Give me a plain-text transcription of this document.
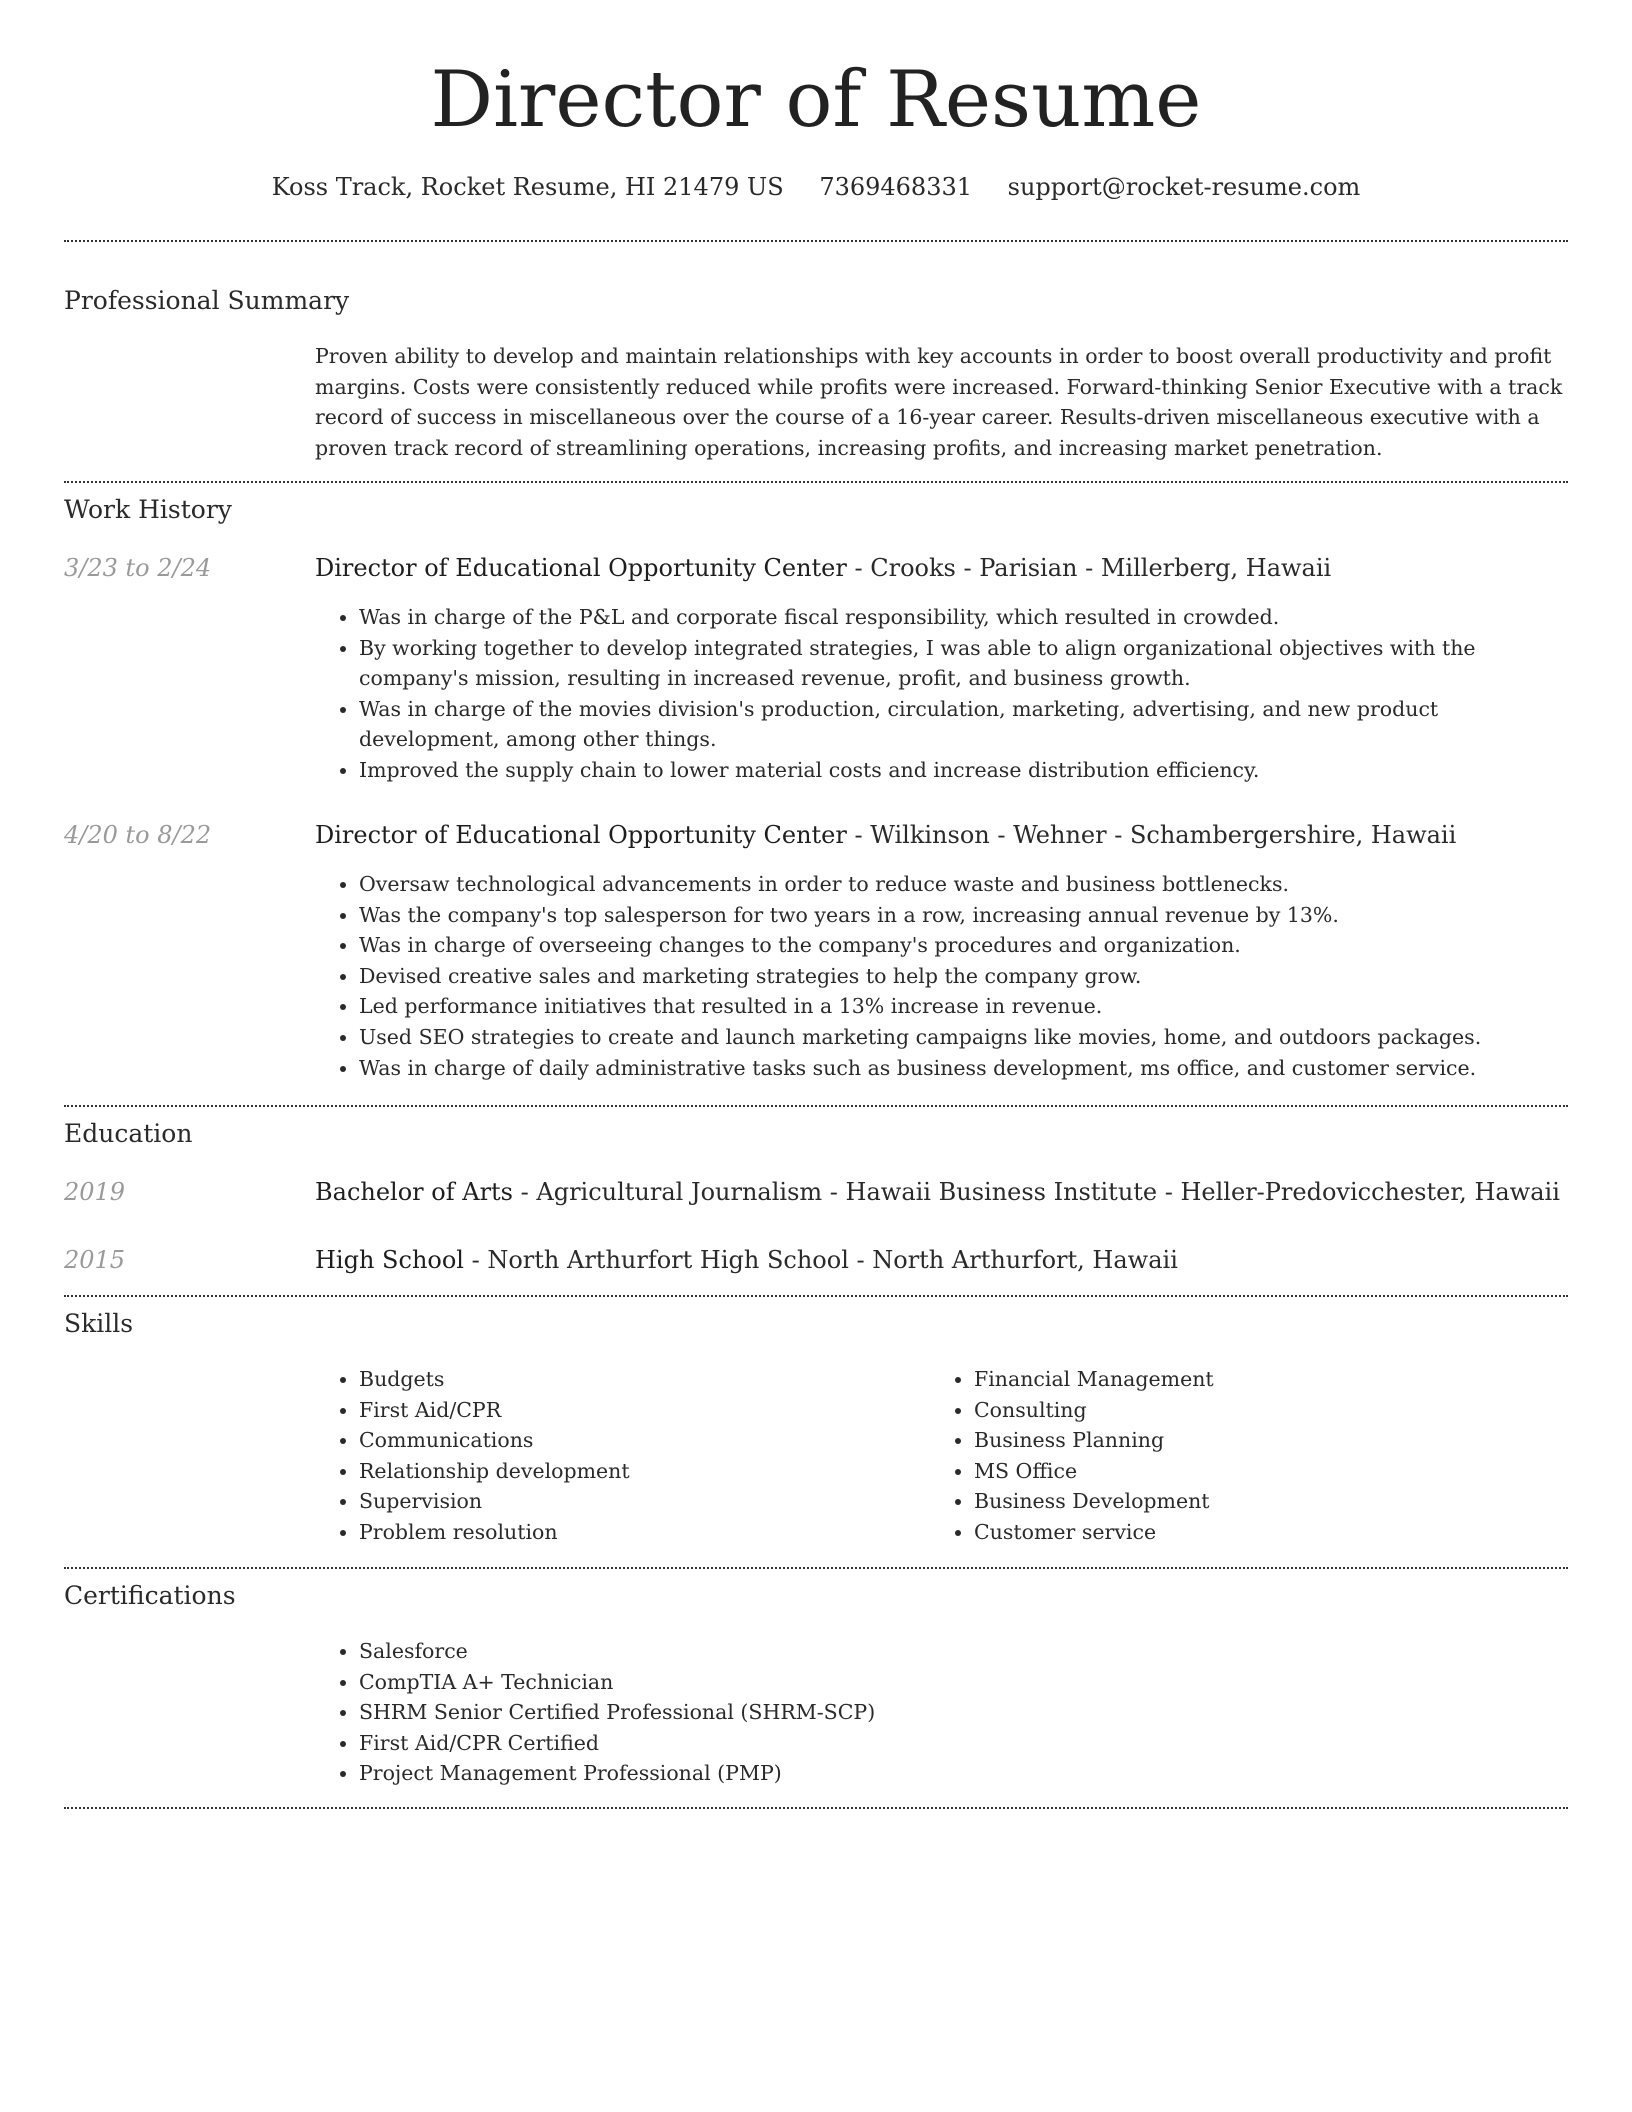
Director of Resume
Koss Track, Rocket Resume, HI 21479 US 7369468331 support@rocket-resume.com
Professional Summary
Proven ability to develop and maintain relationships with key accounts in order to boost overall productivity and profit margins. Costs were consistently reduced while profits were increased. Forward-thinking Senior Executive with a track record of success in miscellaneous over the course of a 16-year career. Results-driven miscellaneous executive with a proven track record of streamlining operations, increasing profits, and increasing market penetration.
Work History
3/23 to 2/24	Director of Educational Opportunity Center - Crooks - Parisian - Millerberg, Hawaii
• Was in charge of the P&L and corporate fiscal responsibility, which resulted in crowded.
• By working together to develop integrated strategies, I was able to align organizational objectives with the company's mission, resulting in increased revenue, profit, and business growth.
• Was in charge of the movies division's production, circulation, marketing, advertising, and new product development, among other things.
• Improved the supply chain to lower material costs and increase distribution efficiency.
4/20 to 8/22	Director of Educational Opportunity Center - Wilkinson - Wehner - Schambergershire, Hawaii
• Oversaw technological advancements in order to reduce waste and business bottlenecks.
• Was the company's top salesperson for two years in a row, increasing annual revenue by 13%.
• Was in charge of overseeing changes to the company's procedures and organization.
• Devised creative sales and marketing strategies to help the company grow.
• Led performance initiatives that resulted in a 13% increase in revenue.
• Used SEO strategies to create and launch marketing campaigns like movies, home, and outdoors packages.
• Was in charge of daily administrative tasks such as business development, ms office, and customer service.
Education
2019	Bachelor of Arts - Agricultural Journalism - Hawaii Business Institute - Heller-Predovicchester, Hawaii
2015	High School - North Arthurfort High School - North Arthurfort, Hawaii
Skills
• Budgets
• First Aid/CPR
• Communications
• Relationship development
• Supervision
• Problem resolution
• Financial Management
• Consulting
• Business Planning
• MS Office
• Business Development
• Customer service
Certifications
• Salesforce
• CompTIA A+ Technician
• SHRM Senior Certified Professional (SHRM-SCP)
• First Aid/CPR Certified
• Project Management Professional (PMP)
